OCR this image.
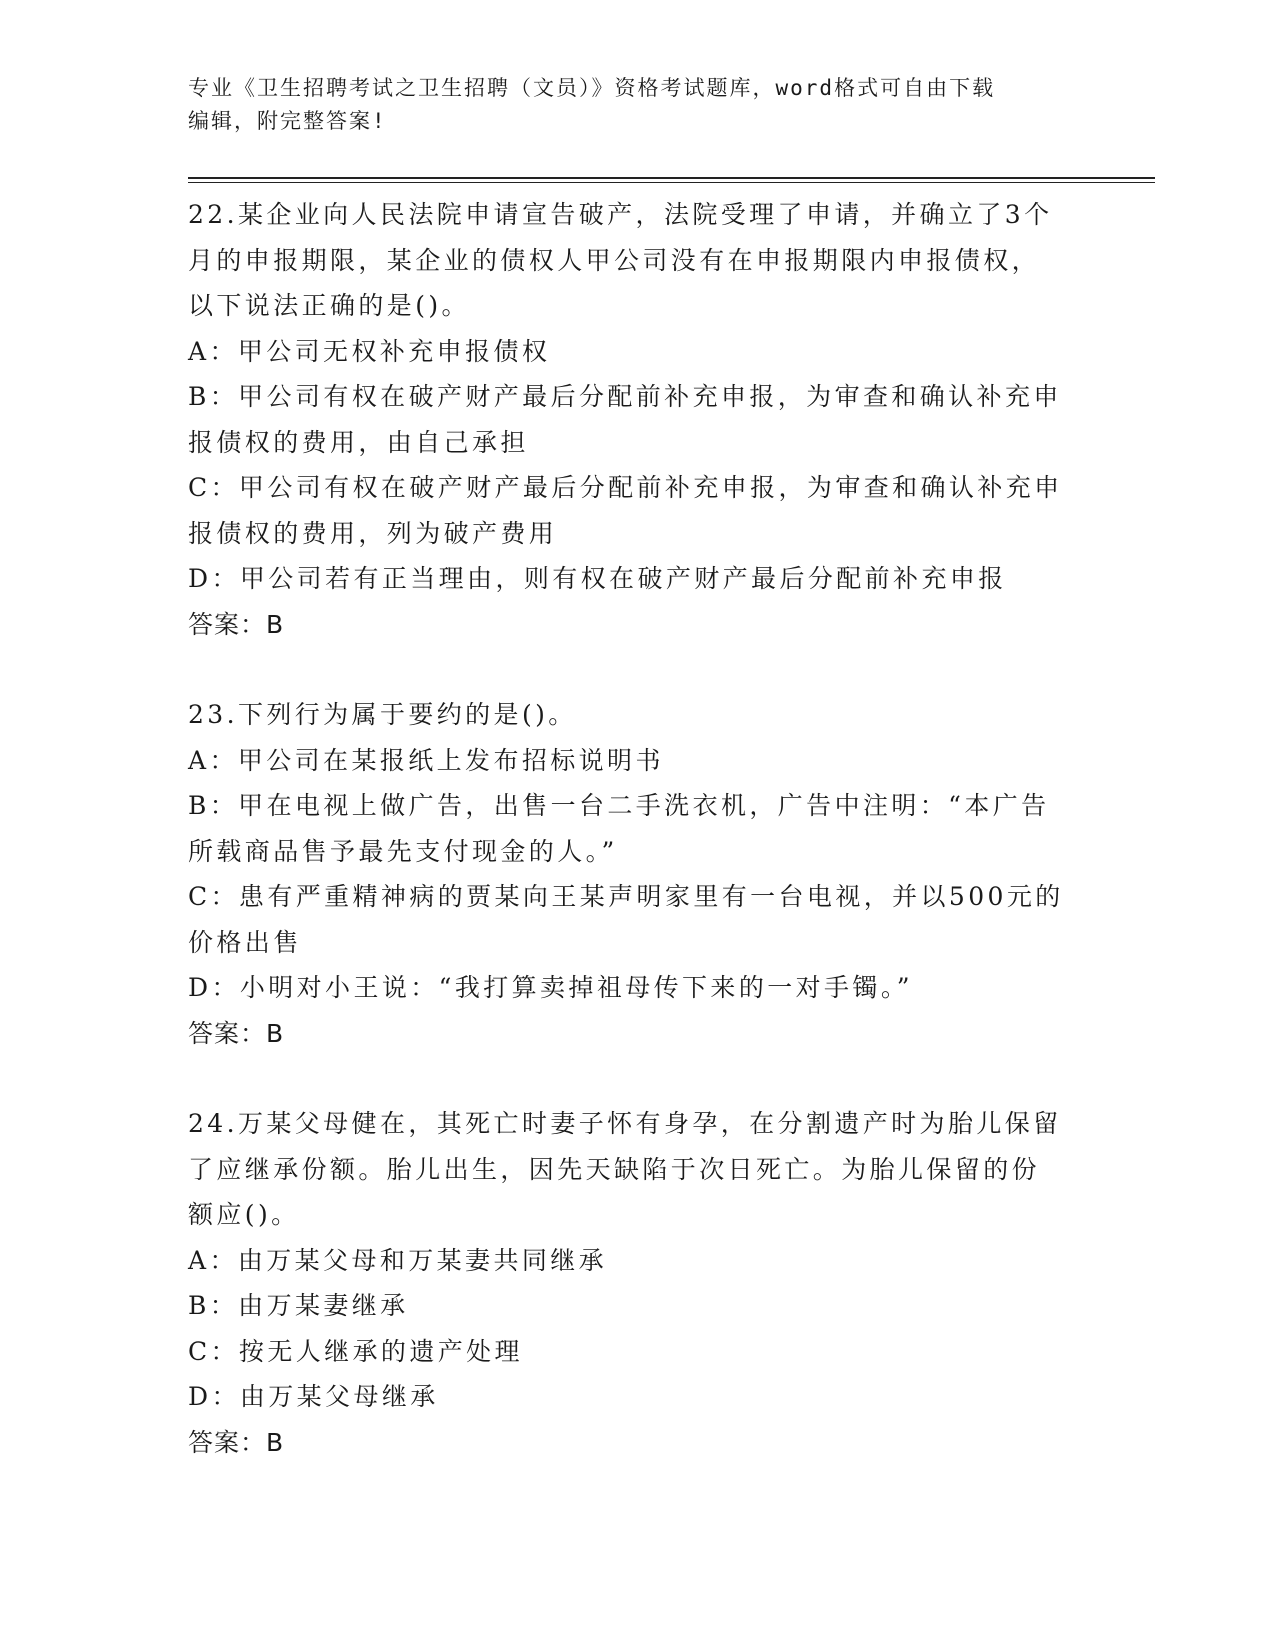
专业《卫生招聘考试之卫生招聘（文员）》资格考试题库，word格式可自由下载
编辑，附完整答案!
22.某企业向人民法院申请宣告破产，法院受理了申请，并确立了3个
月的申报期限，某企业的债权人甲公司没有在申报期限内申报债权，
以下说法正确的是()。
A：甲公司无权补充申报债权
B：甲公司有权在破产财产最后分配前补充申报，为审查和确认补充申
报债权的费用，由自己承担
C：甲公司有权在破产财产最后分配前补充申报，为审查和确认补充申
报债权的费用，列为破产费用
D：甲公司若有正当理由，则有权在破产财产最后分配前补充申报
答案：B
23.下列行为属于要约的是()。
A：甲公司在某报纸上发布招标说明书
B：甲在电视上做广告，出售一台二手洗衣机，广告中注明：“本广告
所载商品售予最先支付现金的人。”
C：患有严重精神病的贾某向王某声明家里有一台电视，并以500元的
价格出售
D：小明对小王说：“我打算卖掉祖母传下来的一对手镯。”
答案：B
24.万某父母健在，其死亡时妻子怀有身孕，在分割遗产时为胎儿保留
了应继承份额。胎儿出生，因先天缺陷于次日死亡。为胎儿保留的份
额应()。
A：由万某父母和万某妻共同继承
B：由万某妻继承
C：按无人继承的遗产处理
D：由万某父母继承
答案：B
